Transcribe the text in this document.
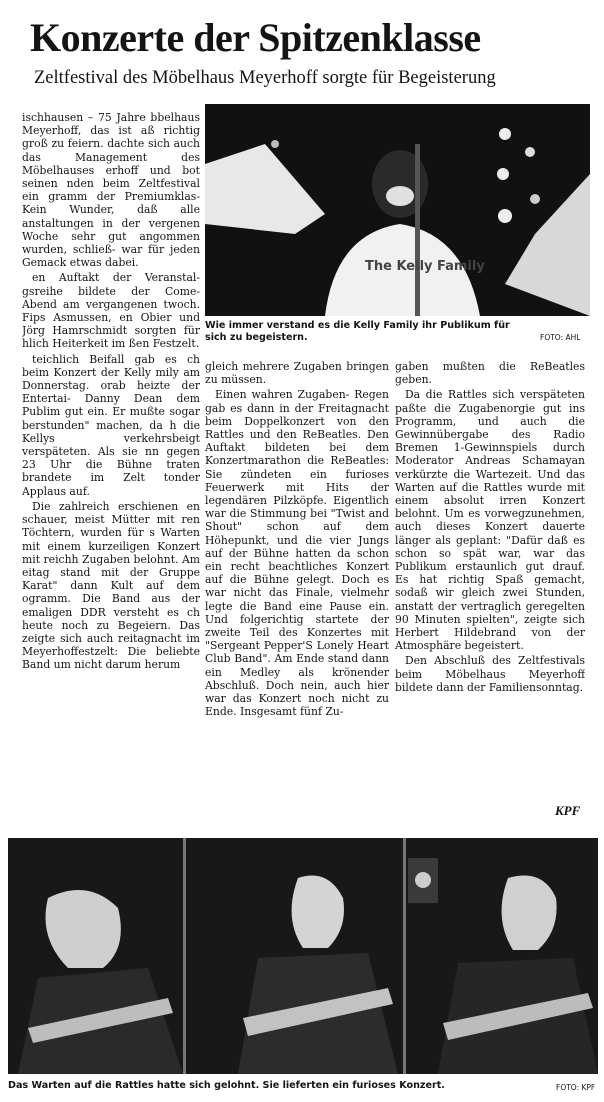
Konzerte der Spitzenklasse
Zeltfestival des Möbelhaus Meyerhoff sorgte für Begeisterung

ischhausen – 75 Jahre bbelhaus Meyerhoff, das ist aß richtig groß zu feiern. dachte sich auch das Management des Möbelhauses erhoff und bot seinen nden beim Zeltfestival ein gramm der Premiumklas- Kein Wunder, daß alle anstaltungen in der vergenen Woche sehr gut angommen wurden, schließ- war für jeden Gemack etwas dabei.

en Auftakt der Veranstal- gsreihe bildete der Come- Abend am vergangenen twoch. Fips Asmussen, en Obier und Jörg Hamrschmidt sorgten für hlich Heiterkeit im ßen Festzelt.

teichlich Beifall gab es ch beim Konzert der Kelly mily am Donnerstag. orab heizte der Entertai- Danny Dean dem Publim gut ein. Er mußte sogar berstunden" machen, da h die Kellys verkehrsbeigt verspäteten. Als sie nn gegen 23 Uhr die Bühne traten brandete im Zelt tonder Applaus auf.

Die zahlreich erschienen en schauer, meist Mütter mit ren Töchtern, wurden für s Warten mit einem kurzeiligen Konzert mit reichh Zugaben belohnt. Am eitag stand mit der Gruppe Karat" dann Kult auf dem ogramm. Die Band aus der emaligen DDR versteht es ch heute noch zu Begeiern. Das zeigte sich auch reitagnacht im Meyerhoffestzelt: Die beliebte Band um nicht darum herum

The Kelly Family
Wie immer verstand es die Kelly Family ihr Publikum für sich zu begeistern.	FOTO: AHL

gleich mehrere Zugaben bringen zu müssen.

Einen wahren Zugaben- Regen gab es dann in der Freitagnacht beim Doppelkonzert von den Rattles und den ReBeatles. Den Auftakt bildeten bei dem Konzertmarathon die ReBeatles: Sie zündeten ein furioses Feuerwerk mit Hits der legendären Pilzköpfe. Eigentlich war die Stimmung bei "Twist and Shout" schon auf dem Höhepunkt, und die vier Jungs auf der Bühne hatten da schon ein recht beachtliches Konzert auf die Bühne gelegt. Doch es war nicht das Finale, vielmehr legte die Band eine Pause ein. Und folgerichtig startete der zweite Teil des Konzertes mit "Sergeant Pepper'S Lonely Heart Club Band". Am Ende stand dann ein Medley als krönender Abschluß. Doch nein, auch hier war das Konzert noch nicht zu Ende. Insgesamt fünf Zu-

gaben mußten die ReBeatles geben.

Da die Rattles sich verspäteten paßte die Zugabenorgie gut ins Programm, und auch die Gewinnübergabe des Radio Bremen 1-Gewinnspiels durch Moderator Andreas Schamayan verkürzte die Wartezeit. Und das Warten auf die Rattles wurde mit einem absolut irren Konzert belohnt. Um es vorwegzunehmen, auch dieses Konzert dauerte länger als geplant: "Dafür daß es schon so spät war, war das Publikum erstaunlich gut drauf. Es hat richtig Spaß gemacht, sodaß wir gleich zwei Stunden, anstatt der vertraglich geregelten 90 Minuten spielten", zeigte sich Herbert Hildebrand von der Atmosphäre begeistert.

Den Abschluß des Zeltfestivals beim Möbelhaus Meyerhoff bildete dann der Familiensonntag.

KPF
Das Warten auf die Rattles hatte sich gelohnt. Sie lieferten ein furioses Konzert.	FOTO: KPF
